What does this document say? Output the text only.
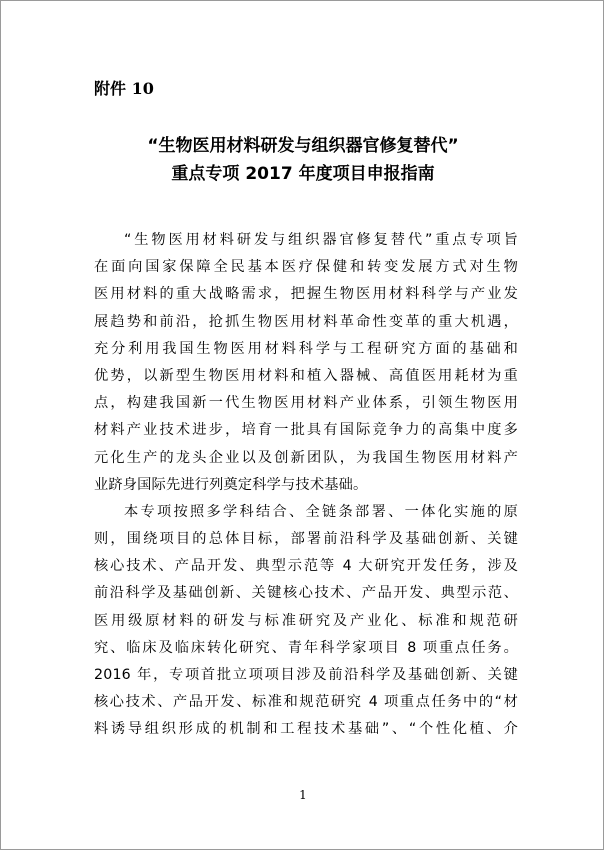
附件 10
“生物医用材料研发与组织器官修复替代”
重点专项 2017 年度项目申报指南
“生物医用材料研发与组织器官修复替代”重点专项旨
在面向国家保障全民基本医疗保健和转变发展方式对生物
医用材料的重大战略需求，把握生物医用材料科学与产业发
展趋势和前沿，抢抓生物医用材料革命性变革的重大机遇，
充分利用我国生物医用材料科学与工程研究方面的基础和
优势，以新型生物医用材料和植入器械、高值医用耗材为重
点，构建我国新一代生物医用材料产业体系，引领生物医用
材料产业技术进步，培育一批具有国际竞争力的高集中度多
元化生产的龙头企业以及创新团队，为我国生物医用材料产
业跻身国际先进行列奠定科学与技术基础。
本专项按照多学科结合、全链条部署、一体化实施的原
则，围绕项目的总体目标，部署前沿科学及基础创新、关键
核心技术、产品开发、典型示范等 4 大研究开发任务，涉及
前沿科学及基础创新、关键核心技术、产品开发、典型示范、
医用级原材料的研发与标准研究及产业化、标准和规范研
究、临床及临床转化研究、青年科学家项目 8 项重点任务。
2016 年，专项首批立项项目涉及前沿科学及基础创新、关键
核心技术、产品开发、标准和规范研究 4 项重点任务中的“材
料诱导组织形成的机制和工程技术基础”、“个性化植、介
1
